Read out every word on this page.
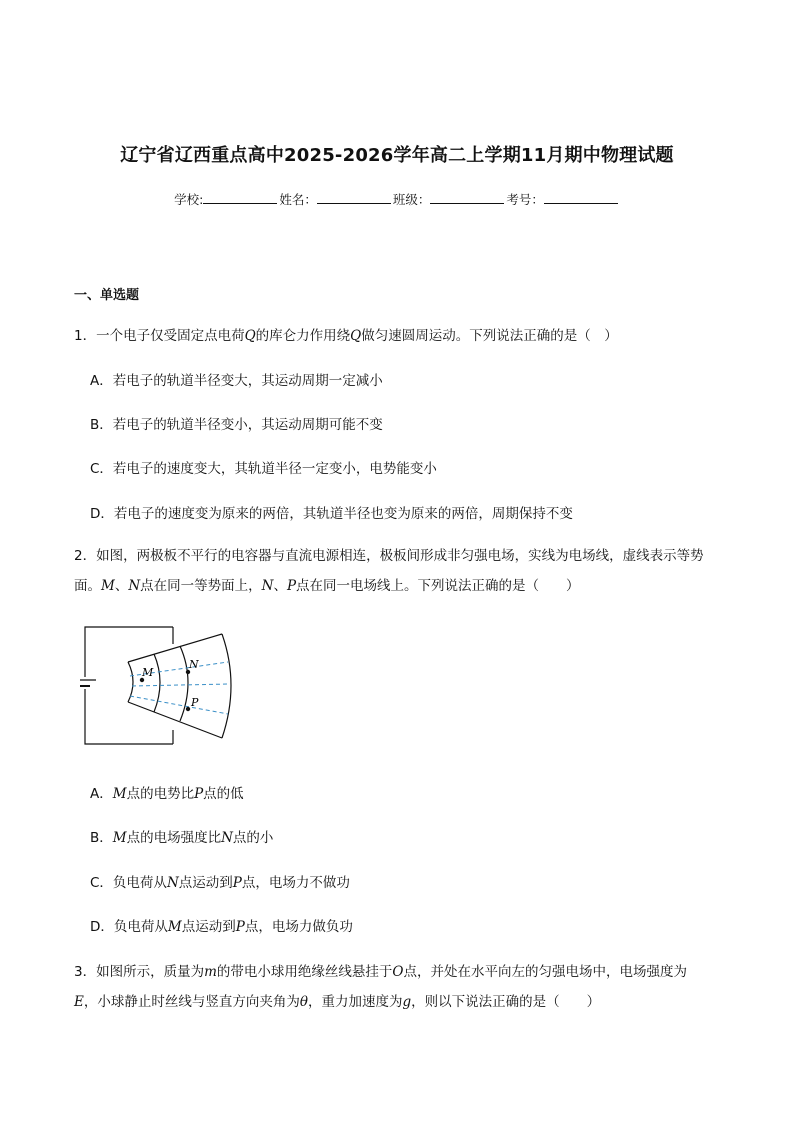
辽宁省辽西重点高中2025-2026学年高二上学期11月期中物理试题
学校:	姓名：	班级：	考号：
一、单选题
1．一个电子仅受固定点电荷Q的库仑力作用绕Q做匀速圆周运动。下列说法正确的是（　）
A．若电子的轨道半径变大，其运动周期一定减小
B．若电子的轨道半径变小，其运动周期可能不变
C．若电子的速度变大，其轨道半径一定变小，电势能变小
D．若电子的速度变为原来的两倍，其轨道半径也变为原来的两倍，周期保持不变
2．如图，两极板不平行的电容器与直流电源相连，极板间形成非匀强电场，实线为电场线，虚线表示等势面。M、N点在同一等势面上，N、P点在同一电场线上。下列说法正确的是（　　）
M
N
P
A．M点的电势比P点的低
B．M点的电场强度比N点的小
C．负电荷从N点运动到P点，电场力不做功
D．负电荷从M点运动到P点，电场力做负功
3．如图所示，质量为m的带电小球用绝缘丝线悬挂于O点，并处在水平向左的匀强电场中，电场强度为
E，小球静止时丝线与竖直方向夹角为θ，重力加速度为g，则以下说法正确的是（　　）
